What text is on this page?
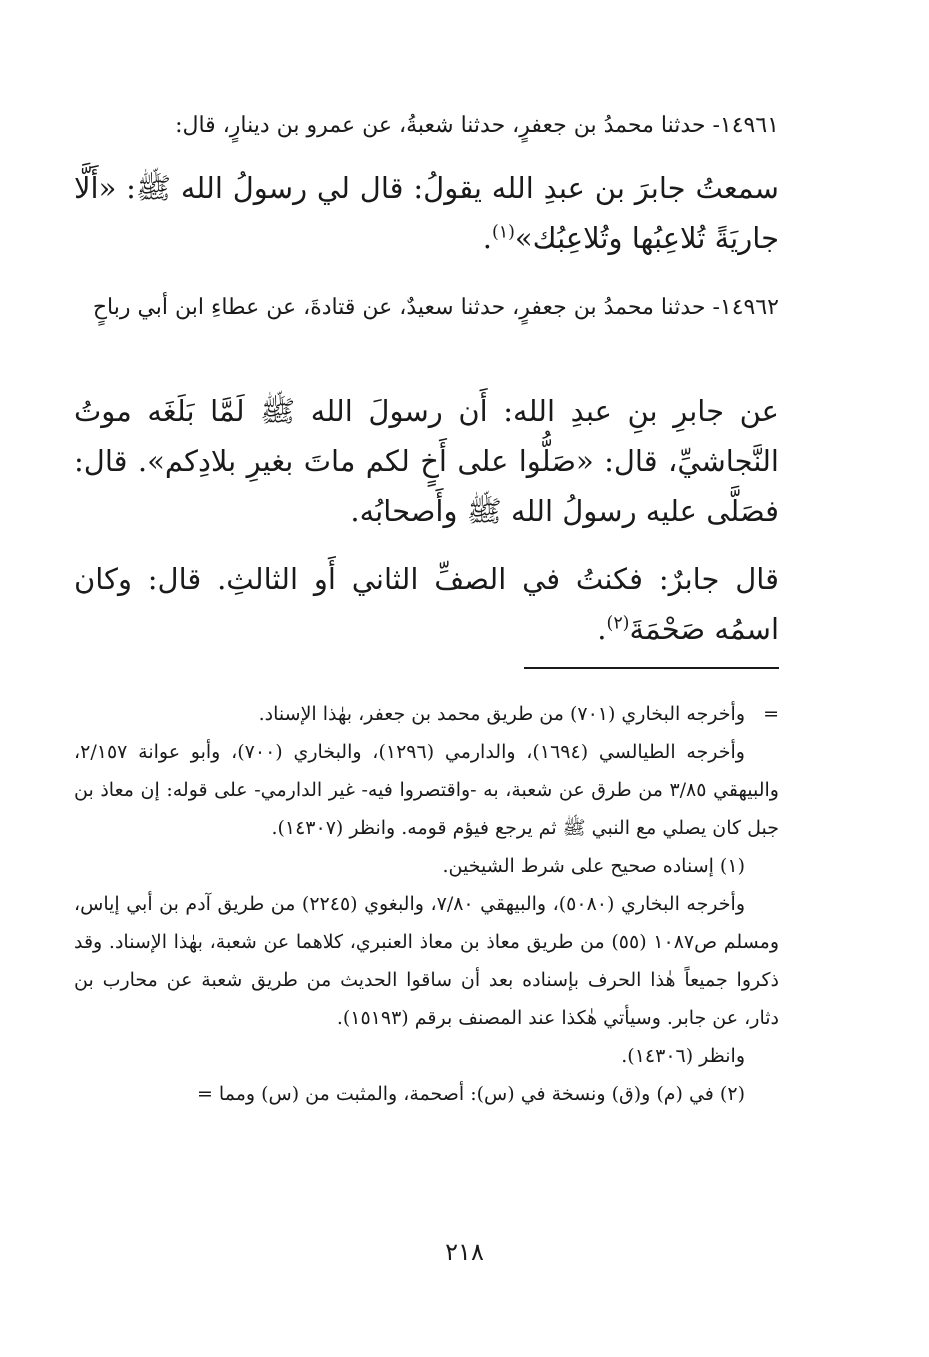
١٤٩٦١- حدثنا محمدُ بن جعفرٍ، حدثنا شعبةُ، عن عمرو بن دينارٍ، قال:

سمعتُ جابرَ بن عبدِ الله يقولُ: قال لي رسولُ الله ﷺ: «أَلَّا جاريَةً تُلاعِبُها وتُلاعِبُك»$^{(١)}$.

١٤٩٦٢- حدثنا محمدُ بن جعفرٍ، حدثنا سعيدٌ، عن قتادةَ، عن عطاءِ ابن أبي رباحٍ

عن جابرِ بنِ عبدِ الله: أَن رسولَ الله ﷺ لَمَّا بَلَغَه موتُ النَّجاشيِّ، قال: «صَلُّوا على أَخٍ لكم ماتَ بغيرِ بلادِكم». قال: فصَلَّى عليه رسولُ الله ﷺ وأَصحابُه.

قال جابرٌ: فكنتُ في الصفِّ الثاني أَو الثالثِ. قال: وكان اسمُه صَحْمَةَ$^{(٢)}$.

=وأخرجه البخاري (٧٠١) من طريق محمد بن جعفر، بهٰذا الإسناد.

وأخرجه الطيالسي (١٦٩٤)، والدارمي (١٢٩٦)، والبخاري (٧٠٠)، وأبو عوانة ٢/١٥٧، والبيهقي ٣/٨٥ من طرق عن شعبة، به -واقتصروا فيه- غير الدارمي- على قوله: إن معاذ بن جبل كان يصلي مع النبي ﷺ ثم يرجع فيؤم قومه. وانظر (١٤٣٠٧).

(١) إسناده صحيح على شرط الشيخين.

وأخرجه البخاري (٥٠٨٠)، والبيهقي ٧/٨٠، والبغوي (٢٢٤٥) من طريق آدم بن أبي إياس، ومسلم ص١٠٨٧ (٥٥) من طريق معاذ بن معاذ العنبري، كلاهما عن شعبة، بهٰذا الإسناد. وقد ذكروا جميعاً هٰذا الحرف بإسناده بعد أن ساقوا الحديث من طريق شعبة عن محارب بن دثار، عن جابر. وسيأتي هٰكذا عند المصنف برقم (١٥١٩٣).

وانظر (١٤٣٠٦).

(٢) في (م) و(ق) ونسخة في (س): أصحمة، والمثبت من (س) ومما =

٢١٨
